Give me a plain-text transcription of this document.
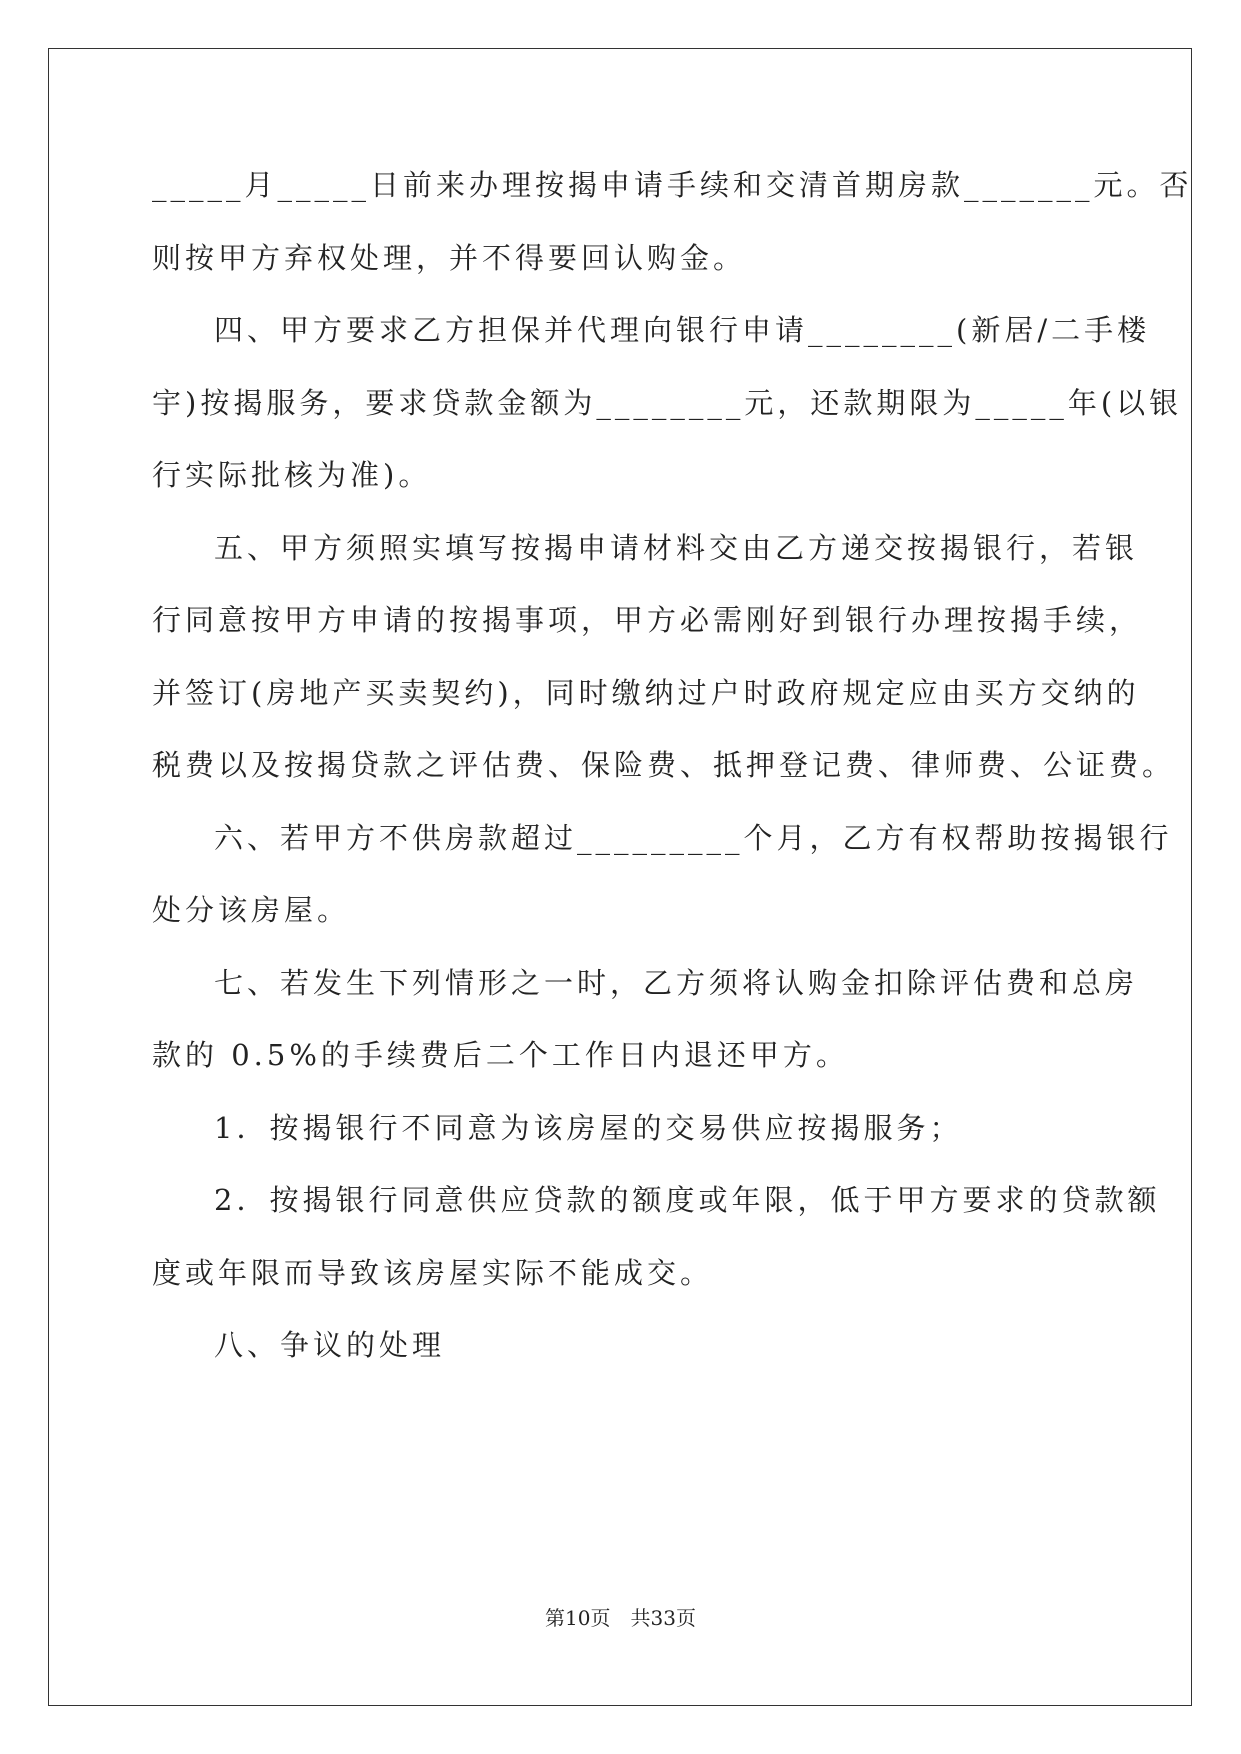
_____月_____日前来办理按揭申请手续和交清首期房款_______元。否
则按甲方弃权处理，并不得要回认购金。
四、甲方要求乙方担保并代理向银行申请________(新居/二手楼
宇)按揭服务，要求贷款金额为________元，还款期限为_____年(以银
行实际批核为准)。
五、甲方须照实填写按揭申请材料交由乙方递交按揭银行，若银
行同意按甲方申请的按揭事项，甲方必需刚好到银行办理按揭手续，
并签订(房地产买卖契约)，同时缴纳过户时政府规定应由买方交纳的
税费以及按揭贷款之评估费、保险费、抵押登记费、律师费、公证费。
六、若甲方不供房款超过_________个月，乙方有权帮助按揭银行
处分该房屋。
七、若发生下列情形之一时，乙方须将认购金扣除评估费和总房
款的 0.5%的手续费后二个工作日内退还甲方。
1．按揭银行不同意为该房屋的交易供应按揭服务；
2．按揭银行同意供应贷款的额度或年限，低于甲方要求的贷款额
度或年限而导致该房屋实际不能成交。
八、争议的处理
第10页　共33页
